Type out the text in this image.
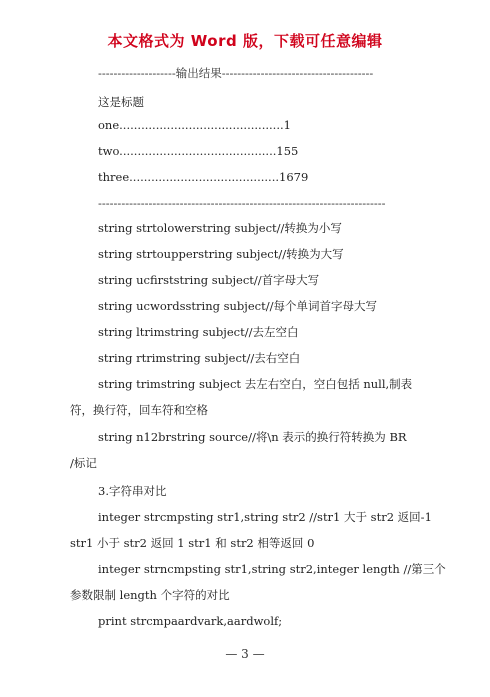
本文格式为 Word 版，下载可任意编辑
--------------------输出结果---------------------------------------
这是标题
one.............................................1
two...........................................155
three.........................................1679
--------------------------------------------------------------------------
string strtolowerstring subject//转换为小写
string strtoupperstring subject//转换为大写
string ucfirststring subject//首字母大写
string ucwordsstring subject//每个单词首字母大写
string ltrimstring subject//去左空白
string rtrimstring subject//去右空白
string trimstring subject 去左右空白，空白包括 null,制表
符，换行符，回车符和空格
string n12brstring source//将\n 表示的换行符转换为 BR
/标记
3.字符串对比
integer strcmpsting str1,string str2 //str1 大于 str2 返回-1
str1 小于 str2 返回 1 str1 和 str2 相等返回 0
integer strncmpsting str1,string str2,integer length //第三个
参数限制 length 个字符的对比
print strcmpaardvark,aardwolf;
— 3 —
